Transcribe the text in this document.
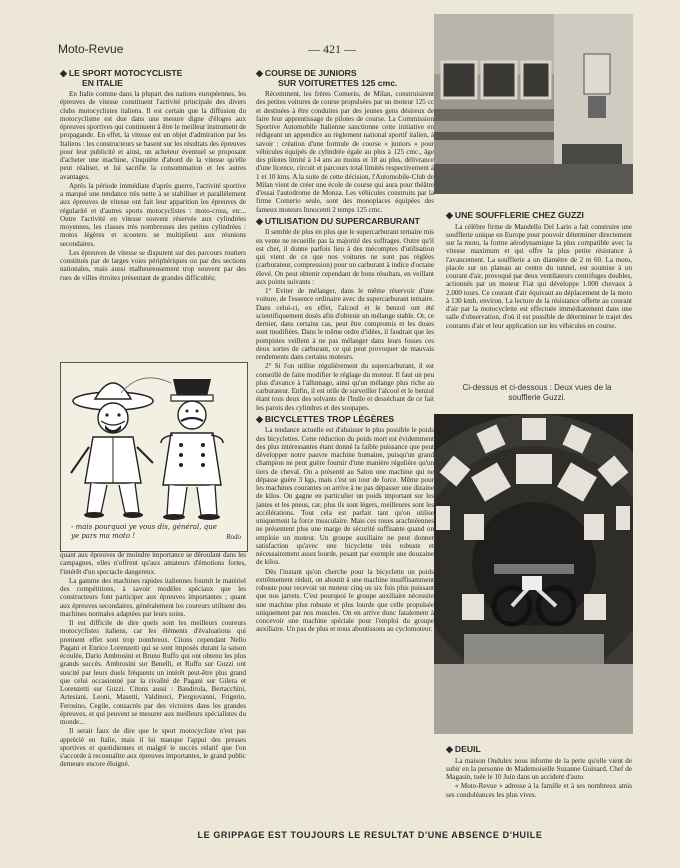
Moto-Revue	— 421 —
◆ LE SPORT MOTOCYCLISTE
EN ITALIE

En Italie comme dans la plupart des nations européennes, les épreuves de vitesse constituent l'activité principale des divers clubs motocyclistes italiens. Il est certain que la diffusion du motocyclisme est due dans une mesure digne d'éloges aux épreuves sportives qui continuent à être le meilleur instrument de propagande. En effet, la vitesse est un objet d'admiration par les Italiens : les constructeurs se basent sur les résultats des épreuves pour leur publicité et ainsi, un acheteur éventuel se proposant d'acheter une machine, s'inquiète d'abord de la vitesse qu'elle peut réaliser, et lui sacrifie la consommation et les autres avantages.

Après la période immédiate d'après guerre, l'activité sportive a marqué une tendance très nette à se stabiliser et parallèlement aux épreuves de vitesse ont fait leur apparition les épreuves de régularité et d'autres sports motocyclistes : moto-cross, etc... Outre l'activité en vitesse souvent réservée aux cylindrées moyennes, les classes très nombreuses des petites cylindrées : motos légères et scooters se multiplient aux réunions secondaires.

Les épreuves de vitesse se disputent sur des parcours routiers constitués par de larges voies périphériques ou par des sections nationales, mais aussi malheureusement trop souvent par des rues de villes étroites présentant de grandes difficultés;

- mais pourquoi ye vous dis, général, que ye pars ma moto !	Rodo

quant aux épreuves de moindre importance se déroulant dans les campagnes, elles n'offrent qu'aux amateurs d'émotions fortes, l'intérêt d'un spectacle dangereux.

La gamme des machines rapides italiennes fournit le matériel des compétitions, à savoir modèles spéciaux que les constructeurs font participer aux épreuves importantes ; quant aux épreuves secondaires, généralement les coureurs utilisent des machines normales adaptées par leurs soins.

Il est difficile de dire quels sont les meilleurs coureurs motocyclistes italiens, car les éléments d'évaluations qui prennent effet sont trop nombreux. Citons cependant Nello Pagani et Enrico Lorenzetti qui se sont imposés durant la saison écoulée, Dario Ambrosini et Bruno Ruffo qui ont obtenu les plus grands succès. Ambrosini sur Benelli, et Ruffo sur Guzzi ont suscité par leurs duels fréquents un intérêt peut-être plus grand que celui occasionné par la rivalité de Pagani sur Gilera et Lorenzetti sur Guzzi. Citons aussi : Bandirola, Bertacchini, Artesiani, Leoni, Masetti, Valdinoci, Piergiovanni, Frigerio, Ferosino, Cegile, consacrés par des victoires dans les grandes épreuves, et qui peuvent se mesurer aux meilleurs spécialistes du monde...

Il serait faux de dire que le sport motocycliste n'est pas apprécié en Italie, mais il lui manque l'appui des presses sportives et quotidiennes et malgré le succès relatif que l'on s'accorde à reconnaître aux épreuves importantes, le grand public demeure encore éloigné.

◆ COURSE DE JUNIORS
SUR VOITURETTES 125 cmc.

Récemment, les frères Comerio, de Milan, construisirent des petites voitures de course propulsées par un moteur 125 cc et destinées à être conduites par des jeunes gens désireux de faire leur apprentissage de pilotes de course. La Commission Sportive Automobile Italienne sanctionne cette initiative en rédigeant un appendice au règlement national sportif italien, à savoir : création d'une formule de course « juniors » pour véhicules équipés de cylindrée égale au plus à 125 cmc., âge des pilotes limité à 14 ans au moins et 18 au plus, délivrance d'une licence, circuit et parcours total limités respectivement à 1 et 10 kms. A la suite de cette décision, l'Automobile-Club de Milan vient de créer une école de course qui aura pour théâtre d'essai l'autodrome de Monza. Les véhicules construits par la firme Comerio seule, sont des monoplaces équipées des fameux moteurs Innocenti 2 temps 125 cmc.

◆ UTILISATION DU SUPERCARBURANT

Il semble de plus en plus que le supercarburant ternaire mis en vente ne recueille pas la majorité des suffrages. Outre qu'il est cher, il donne parfois lieu à des mécomptes d'utilisation qui vient de ce que nos voitures ne sont pas réglées (carburateur, compression) pour un carburant à indice d'octane élevé. On peut obtenir cependant de bons résultats, en veillant aux points suivants :

1° Eviter de mélanger, dans le même réservoir d'une voiture, de l'essence ordinaire avec du supercarburant ternaire. Dans celui-ci, en effet, l'alcool et le benzol ont été scientifiquement dosés afin d'obtenir un mélange stable. Or, ce dernier, dans certains cas, peut être compromis et les doses sont modifiées. Dans le même ordre d'idées, il faudrait que les pompistes veillent à ne pas mélanger dans leurs fosses ces deux sortes de carburant, ce qui peut provoquer de mauvais rendements dans certains moteurs.

2° Si l'on utilise régulièrement du supercarburant, il est conseillé de faire modifier le réglage du moteur. Il faut un peu plus d'avance à l'allumage, ainsi qu'un mélange plus riche au carburateur. Enfin, il est utile de surveiller l'alcool et le benzol étant tous deux des solvants de l'huile et desséchant de ce fait les parois des cylindres et des soupapes.

◆ BICYCLETTES TROP LÉGÈRES

La tendance actuelle est d'abaisser le plus possible le poids des bicyclettes. Cette réduction du poids mort est évidemment des plus intéressantes étant donné la faible puissance que peut développer notre pauvre machine humaine, puisqu'un grand champion ne peut guère fournir d'une manière régulière qu'un tiers de cheval. On a présenté au Salon une machine qui ne dépasse guère 3 kgs, mais c'est un tour de force. Même pour les machines courantes on arrive à ne pas dépasser une dizaine de kilos. On gagne en particulier un poids important sur les jantes et les pneus, car, plus ils sont légers, meilleures sont les accélérations. Tout cela est parfait tant qu'on utilise uniquement la force musculaire. Mais ces roues arachnéennes ne présentent plus une marge de sécurité suffisante quand on emploie un moteur. Un groupe auxiliaire ne peut donner satisfaction qu'avec une bicyclette très robuste et nécessairement assez lourde, pesant par exemple une douzaine de kilos.

Dès l'instant qu'on cherche pour la bicyclette un poids extrêmement réduit, on aboutit à une machine insuffisamment robuste pour recevoir un moteur cinq ou six fois plus puissant que nos jarrets. C'est pourquoi le groupe auxiliaire nécessite une machine plus robuste et plus lourde que celle propulsée uniquement par nos muscles. On en arrive donc fatalement à concevoir une machine spéciale pour l'emploi du groupe auxiliaire. Un pas de plus et nous aboutissons au cyclomoteur.

◆ UNE SOUFFLERIE CHEZ GUZZI

La célèbre firme de Mandello Del Lario a fait construire une soufflerie unique en Europe pour pouvoir déterminer directement sur la moto, la forme aérodynamique la plus compatible avec la vitesse maximum et qui offre la plus petite résistance à l'avancement. La soufflerie a un diamètre de 2 m 60. La moto, placée sur un plateau au centre du tunnel, est soumise à un courant d'air, provoqué par deux ventilateurs centrifuges doubles, actionnés par un moteur Fiat qui développe 1.000 chevaux à 2.000 tours. Ce courant d'air équivaut au déplacement de la moto à 130 kmh. environ. La lecture de la résistance offerte au courant d'air par la motocyclette est effectuée immédiatement dans une salle d'observation, d'où il est possible de déterminer le trajet des courants d'air et leur application sur les véhicules en course.

Ci-dessus et ci-dessous : Deux vues de la soufflerie Guzzi.
◆ DEUIL

La maison Ondulex nous informe de la perte qu'elle vient de subir en la personne de Mademoiselle Suzanne Guinard, Chef de Magasin, tuée le 10 Juin dans un accident d'auto.

« Moto-Revue » adresse à la famille et à ses nombreux amis ses condoléances les plus vives.

LE GRIPPAGE EST TOUJOURS LE RESULTAT D'UNE ABSENCE D'HUILE
